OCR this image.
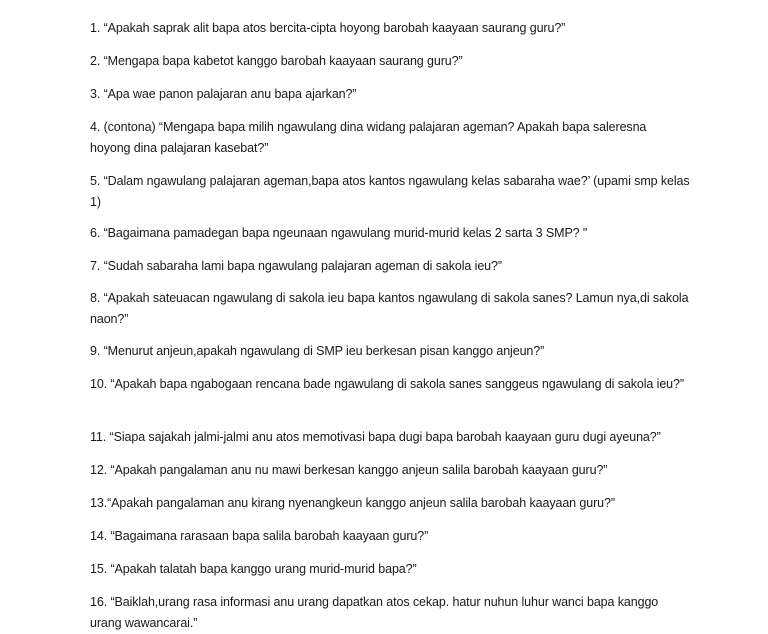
1. “Apakah saprak alit bapa atos bercita-cipta hoyong barobah kaayaan saurang guru?”

2. “Mengapa bapa kabetot kanggo barobah kaayaan saurang guru?”

3. “Apa wae panon palajaran anu bapa ajarkan?”

4. (contona) “Mengapa bapa milih ngawulang dina widang palajaran ageman? Apakah bapa saleresna hoyong dina palajaran kasebat?”

5. “Dalam ngawulang palajaran ageman,bapa atos kantos ngawulang kelas sabaraha wae?’ (upami smp kelas 1)

6. “Bagaimana pamadegan bapa ngeunaan ngawulang murid-murid kelas 2 sarta 3 SMP? "

7. “Sudah sabaraha lami bapa ngawulang palajaran ageman di sakola ieu?”

8. “Apakah sateuacan ngawulang di sakola ieu bapa kantos ngawulang di sakola sanes? Lamun nya,di sakola naon?”

9. “Menurut anjeun,apakah ngawulang di SMP ieu berkesan pisan kanggo anjeun?”

10. “Apakah bapa ngabogaan rencana bade ngawulang di sakola sanes sanggeus ngawulang di sakola ieu?”

11. “Siapa sajakah jalmi-jalmi anu atos memotivasi bapa dugi bapa barobah kaayaan guru dugi ayeuna?”

12. “Apakah pangalaman anu nu mawi berkesan kanggo anjeun salila barobah kaayaan guru?”

13.“Apakah pangalaman anu kirang nyenangkeun kanggo anjeun salila barobah kaayaan guru?”

14. “Bagaimana rarasaan bapa salila barobah kaayaan guru?”

15. “Apakah talatah bapa kanggo urang murid-murid bapa?”

16. “Baiklah,urang rasa informasi anu urang dapatkan atos cekap. hatur nuhun luhur wanci bapa kanggo urang wawancarai.”
